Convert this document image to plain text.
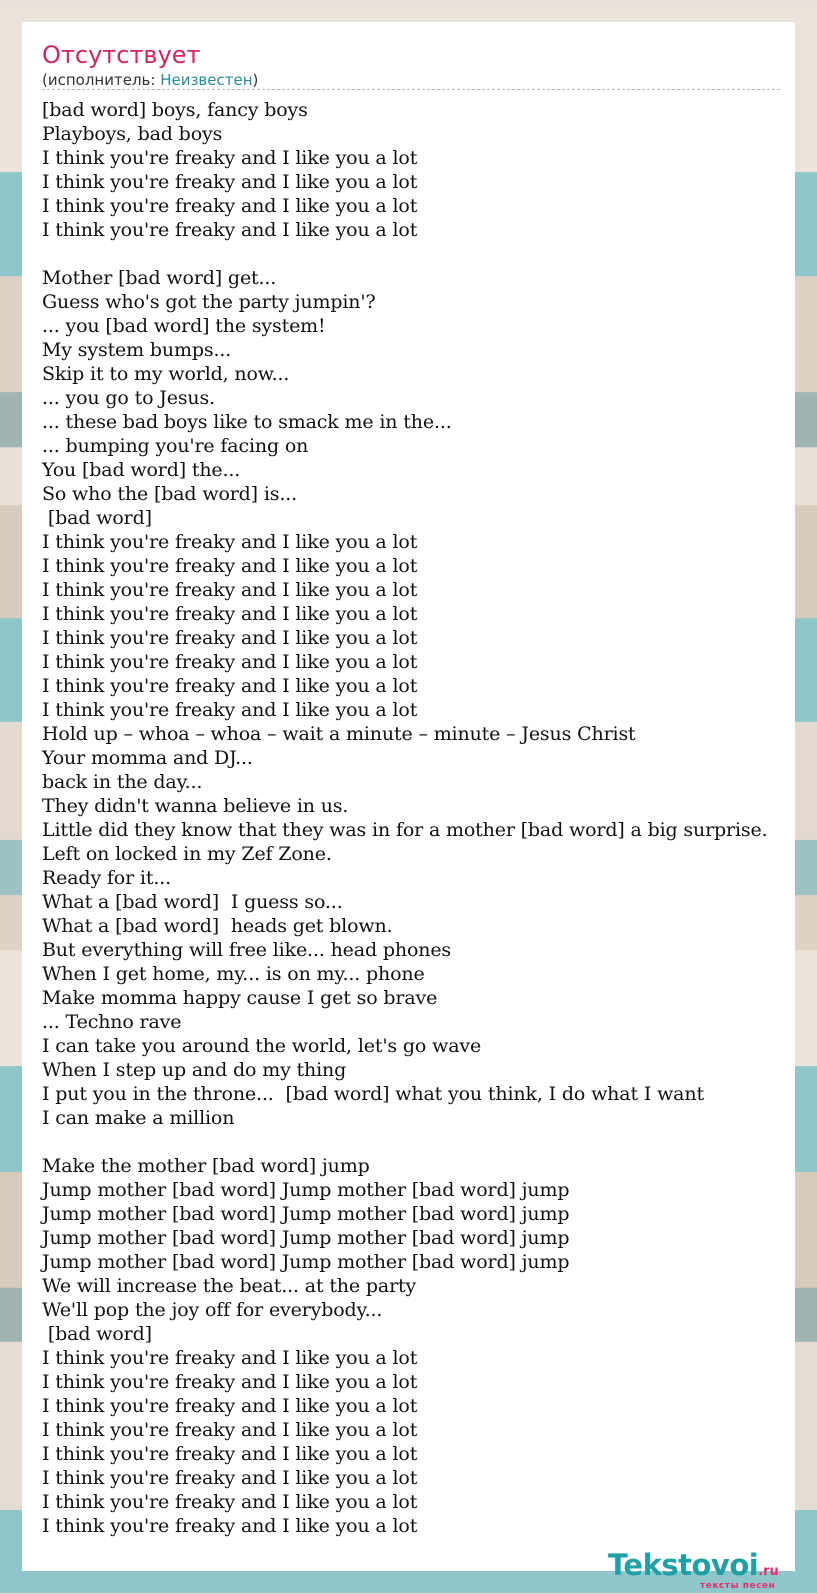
Отсутствует
(исполнитель: Неизвестен)
[bad word] boys, fancy boys
Playboys, bad boys
I think you're freaky and I like you a lot
I think you're freaky and I like you a lot
I think you're freaky and I like you a lot
I think you're freaky and I like you a lot
Mother [bad word] get...
Guess who's got the party jumpin'?
... you [bad word] the system!
My system bumps...
Skip it to my world, now...
... you go to Jesus.
... these bad boys like to smack me in the...
... bumping you're facing on
You [bad word] the...
So who the [bad word] is...
[bad word]
I think you're freaky and I like you a lot
I think you're freaky and I like you a lot
I think you're freaky and I like you a lot
I think you're freaky and I like you a lot
I think you're freaky and I like you a lot
I think you're freaky and I like you a lot
I think you're freaky and I like you a lot
I think you're freaky and I like you a lot
Hold up – whoa – whoa – wait a minute – minute – Jesus Christ
Your momma and DJ...
back in the day...
They didn't wanna believe in us.
Little did they know that they was in for a mother [bad word] a big surprise.
Left on locked in my Zef Zone.
Ready for it...
What a [bad word]  I guess so...
What a [bad word]  heads get blown.
But everything will free like... head phones
When I get home, my... is on my... phone
Make momma happy cause I get so brave
... Techno rave
I can take you around the world, let's go wave
When I step up and do my thing
I put you in the throne...  [bad word] what you think, I do what I want
I can make a million
Make the mother [bad word] jump
Jump mother [bad word] Jump mother [bad word] jump
Jump mother [bad word] Jump mother [bad word] jump
Jump mother [bad word] Jump mother [bad word] jump
Jump mother [bad word] Jump mother [bad word] jump
We will increase the beat... at the party
We'll pop the joy off for everybody...
[bad word]
I think you're freaky and I like you a lot
I think you're freaky and I like you a lot
I think you're freaky and I like you a lot
I think you're freaky and I like you a lot
I think you're freaky and I like you a lot
I think you're freaky and I like you a lot
I think you're freaky and I like you a lot
I think you're freaky and I like you a lot
Tekstovoi.ru
тексты песен
